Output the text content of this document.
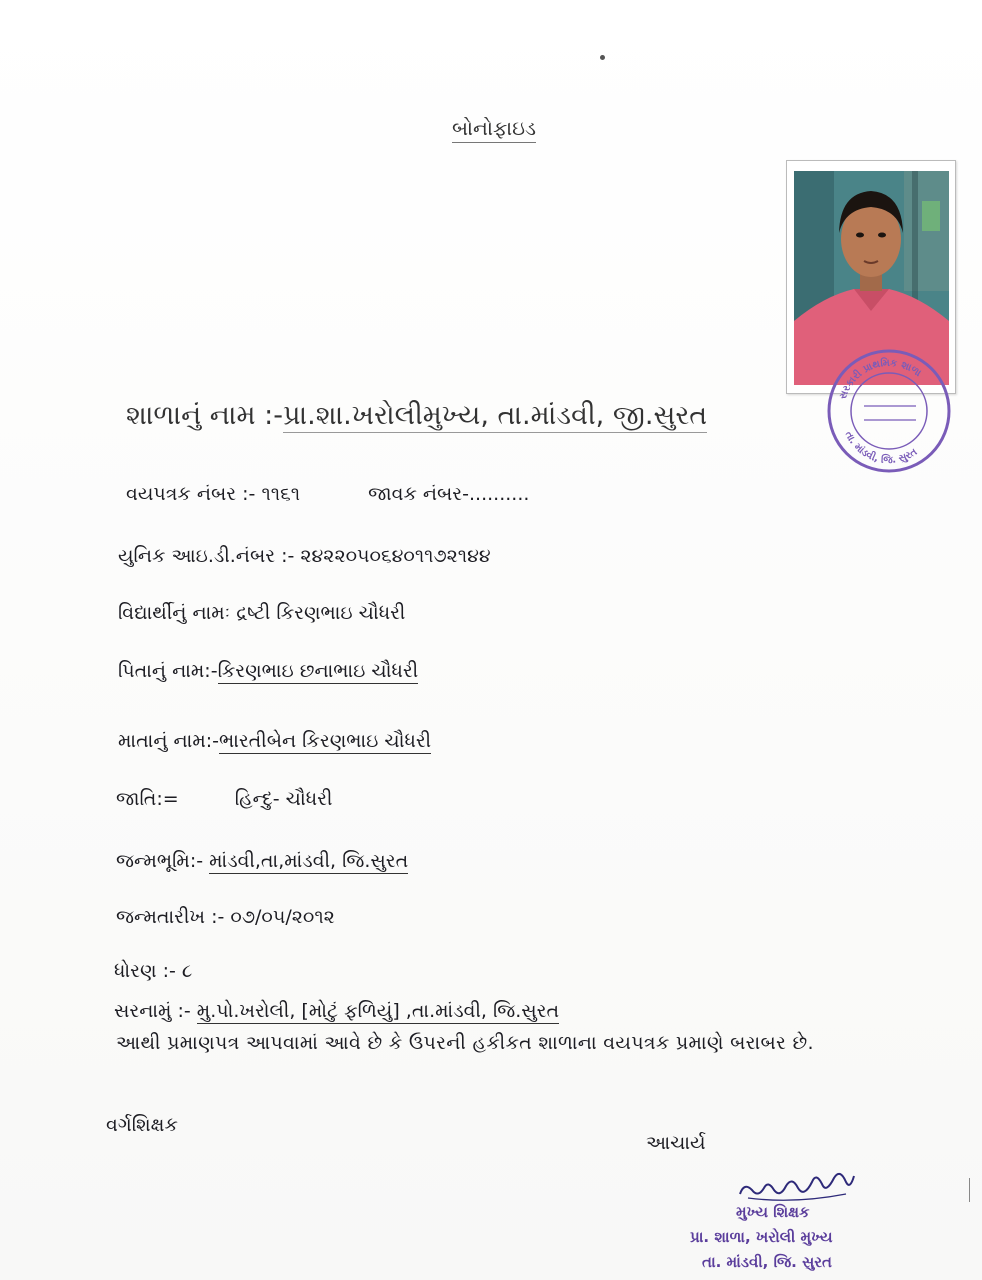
બોનોફાઇડ
સરકારી પ્રાથમિક શાળા
તા. માંડવી, જિ. સુરત
શાળાનું નામ :-પ્રા.શા.ખરોલીમુખ્ય, તા.માંડવી, જી.સુરત
વયપત્રક નંબર :- ૧૧૬૧	જાવક નંબર-..........
યુનિક આઇ.ડી.નંબર :- ૨૪૨૨૦૫૦૬૪૦૧૧૭૨૧૪૪
વિદ્યાર્થીનું નામઃ દ્રષ્ટી કિરણભાઇ ચૌધરી
પિતાનું નામ:-કિરણભાઇ છનાભાઇ ચૌધરી
માતાનું નામ:-ભારતીબેન કિરણભાઇ ચૌધરી
જાતિ:=	હિન્દુ- ચૌધરી
જન્મભૂમિ:- માંડવી,તા,માંડવી, જિ.સુરત
જન્મતારીખ :- ૦૭/૦૫/૨૦૧૨
ધોરણ :- ૮
સરનામું :- મુ.પો.ખરોલી, [મોટું ફળિયું] ,તા.માંડવી, જિ.સુરત
આથી પ્રમાણપત્ર આપવામાં આવે છે કે ઉપરની હકીકત શાળાના વયપત્રક પ્રમાણે બરાબર છે.
વર્ગશિક્ષક
આચાર્ય
મુખ્ય શિક્ષક
પ્રા. શાળા, ખરોલી મુખ્ય
તા. માંડવી, જિ. સુરત
